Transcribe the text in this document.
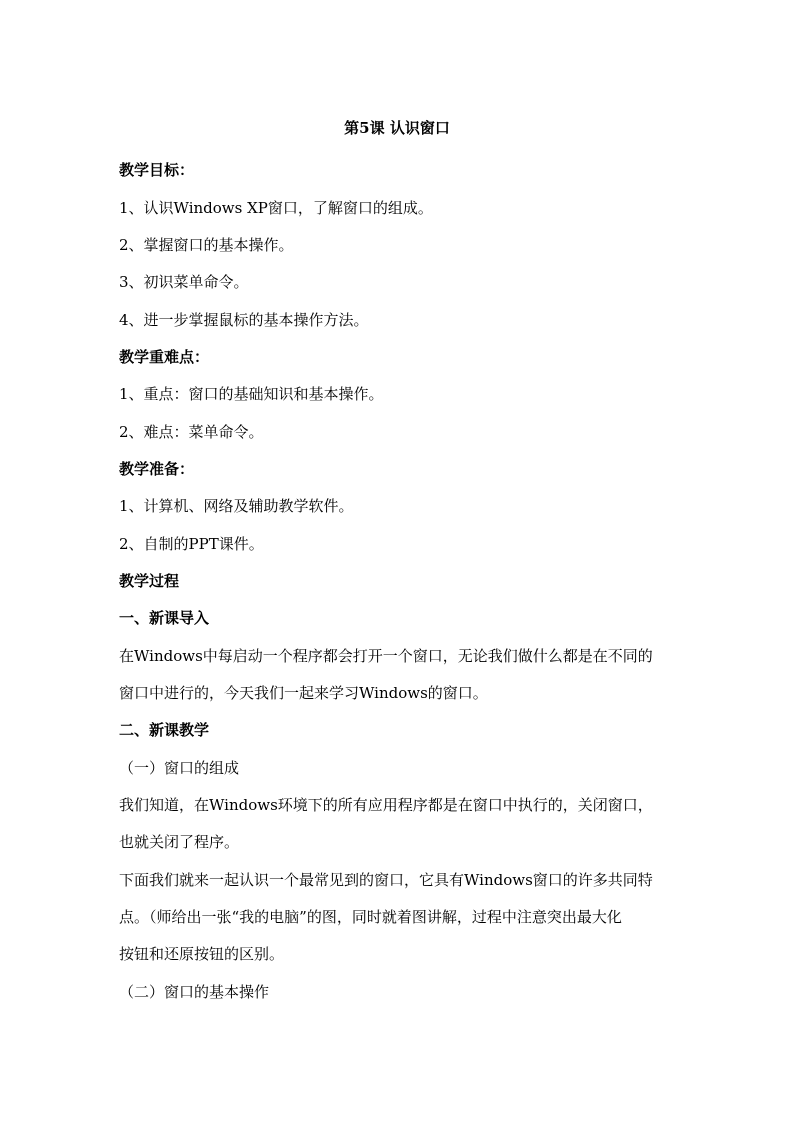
第5课 认识窗口
教学目标：
1、认识Windows XP窗口，了解窗口的组成。
2、掌握窗口的基本操作。
3、初识菜单命令。
4、进一步掌握鼠标的基本操作方法。
教学重难点：
1、重点：窗口的基础知识和基本操作。
2、难点：菜单命令。
教学准备：
1、计算机、网络及辅助教学软件。
2、自制的PPT课件。
教学过程
一、新课导入
在Windows中每启动一个程序都会打开一个窗口，无论我们做什么都是在不同的
窗口中进行的，今天我们一起来学习Windows的窗口。
二、新课教学
（一）窗口的组成
我们知道，在Windows环境下的所有应用程序都是在窗口中执行的，关闭窗口，
也就关闭了程序。
下面我们就来一起认识一个最常见到的窗口，它具有Windows窗口的许多共同特
点。（师给出一张“我的电脑”的图，同时就着图讲解，过程中注意突出最大化
按钮和还原按钮的区别。
（二）窗口的基本操作
